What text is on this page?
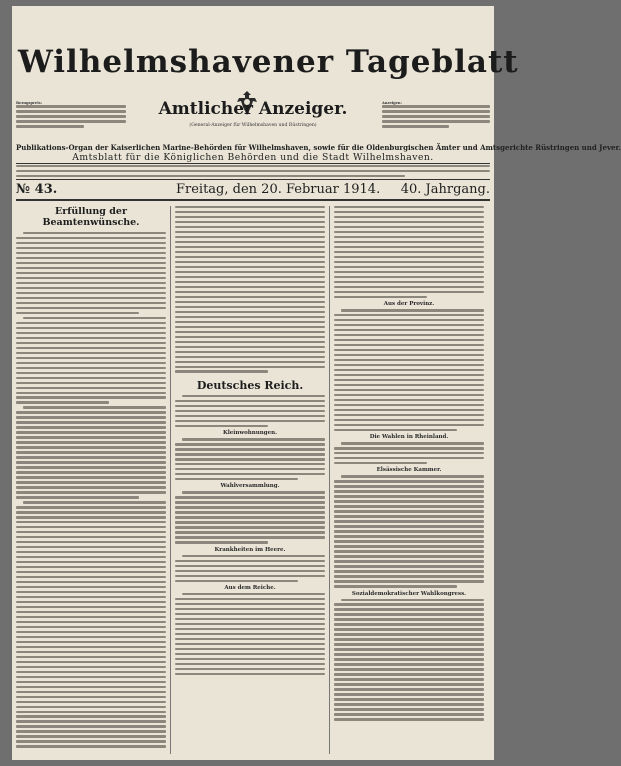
Wilhelmshavener Tageblatt
Bezugspreis:	Amtlicher Anzeiger.
(General-Anzeiger für Wilhelmshaven und Rüstringen)
Anzeigen:
Publikations-Organ der Kaiserlichen Marine-Behörden für Wilhelmshaven, sowie für die Oldenburgischen Ämter und Amtsgerichte Rüstringen und Jever.
Amtsblatt für die Königlichen Behörden und die Stadt Wilhelmshaven.
№ 43.	Freitag, den 20. Februar 1914. 40. Jahrgang.
Erfüllung der Beamtenwünsche.
Deutsches Reich.
Kleinwohnungen.
Wahlversammlung.
Krankheiten im Heere.
Aus dem Reiche.
Aus der Provinz.
Die Wahlen in Rheinland.
Elsässische Kammer.
Sozialdemokratischer Wahlkongress.
